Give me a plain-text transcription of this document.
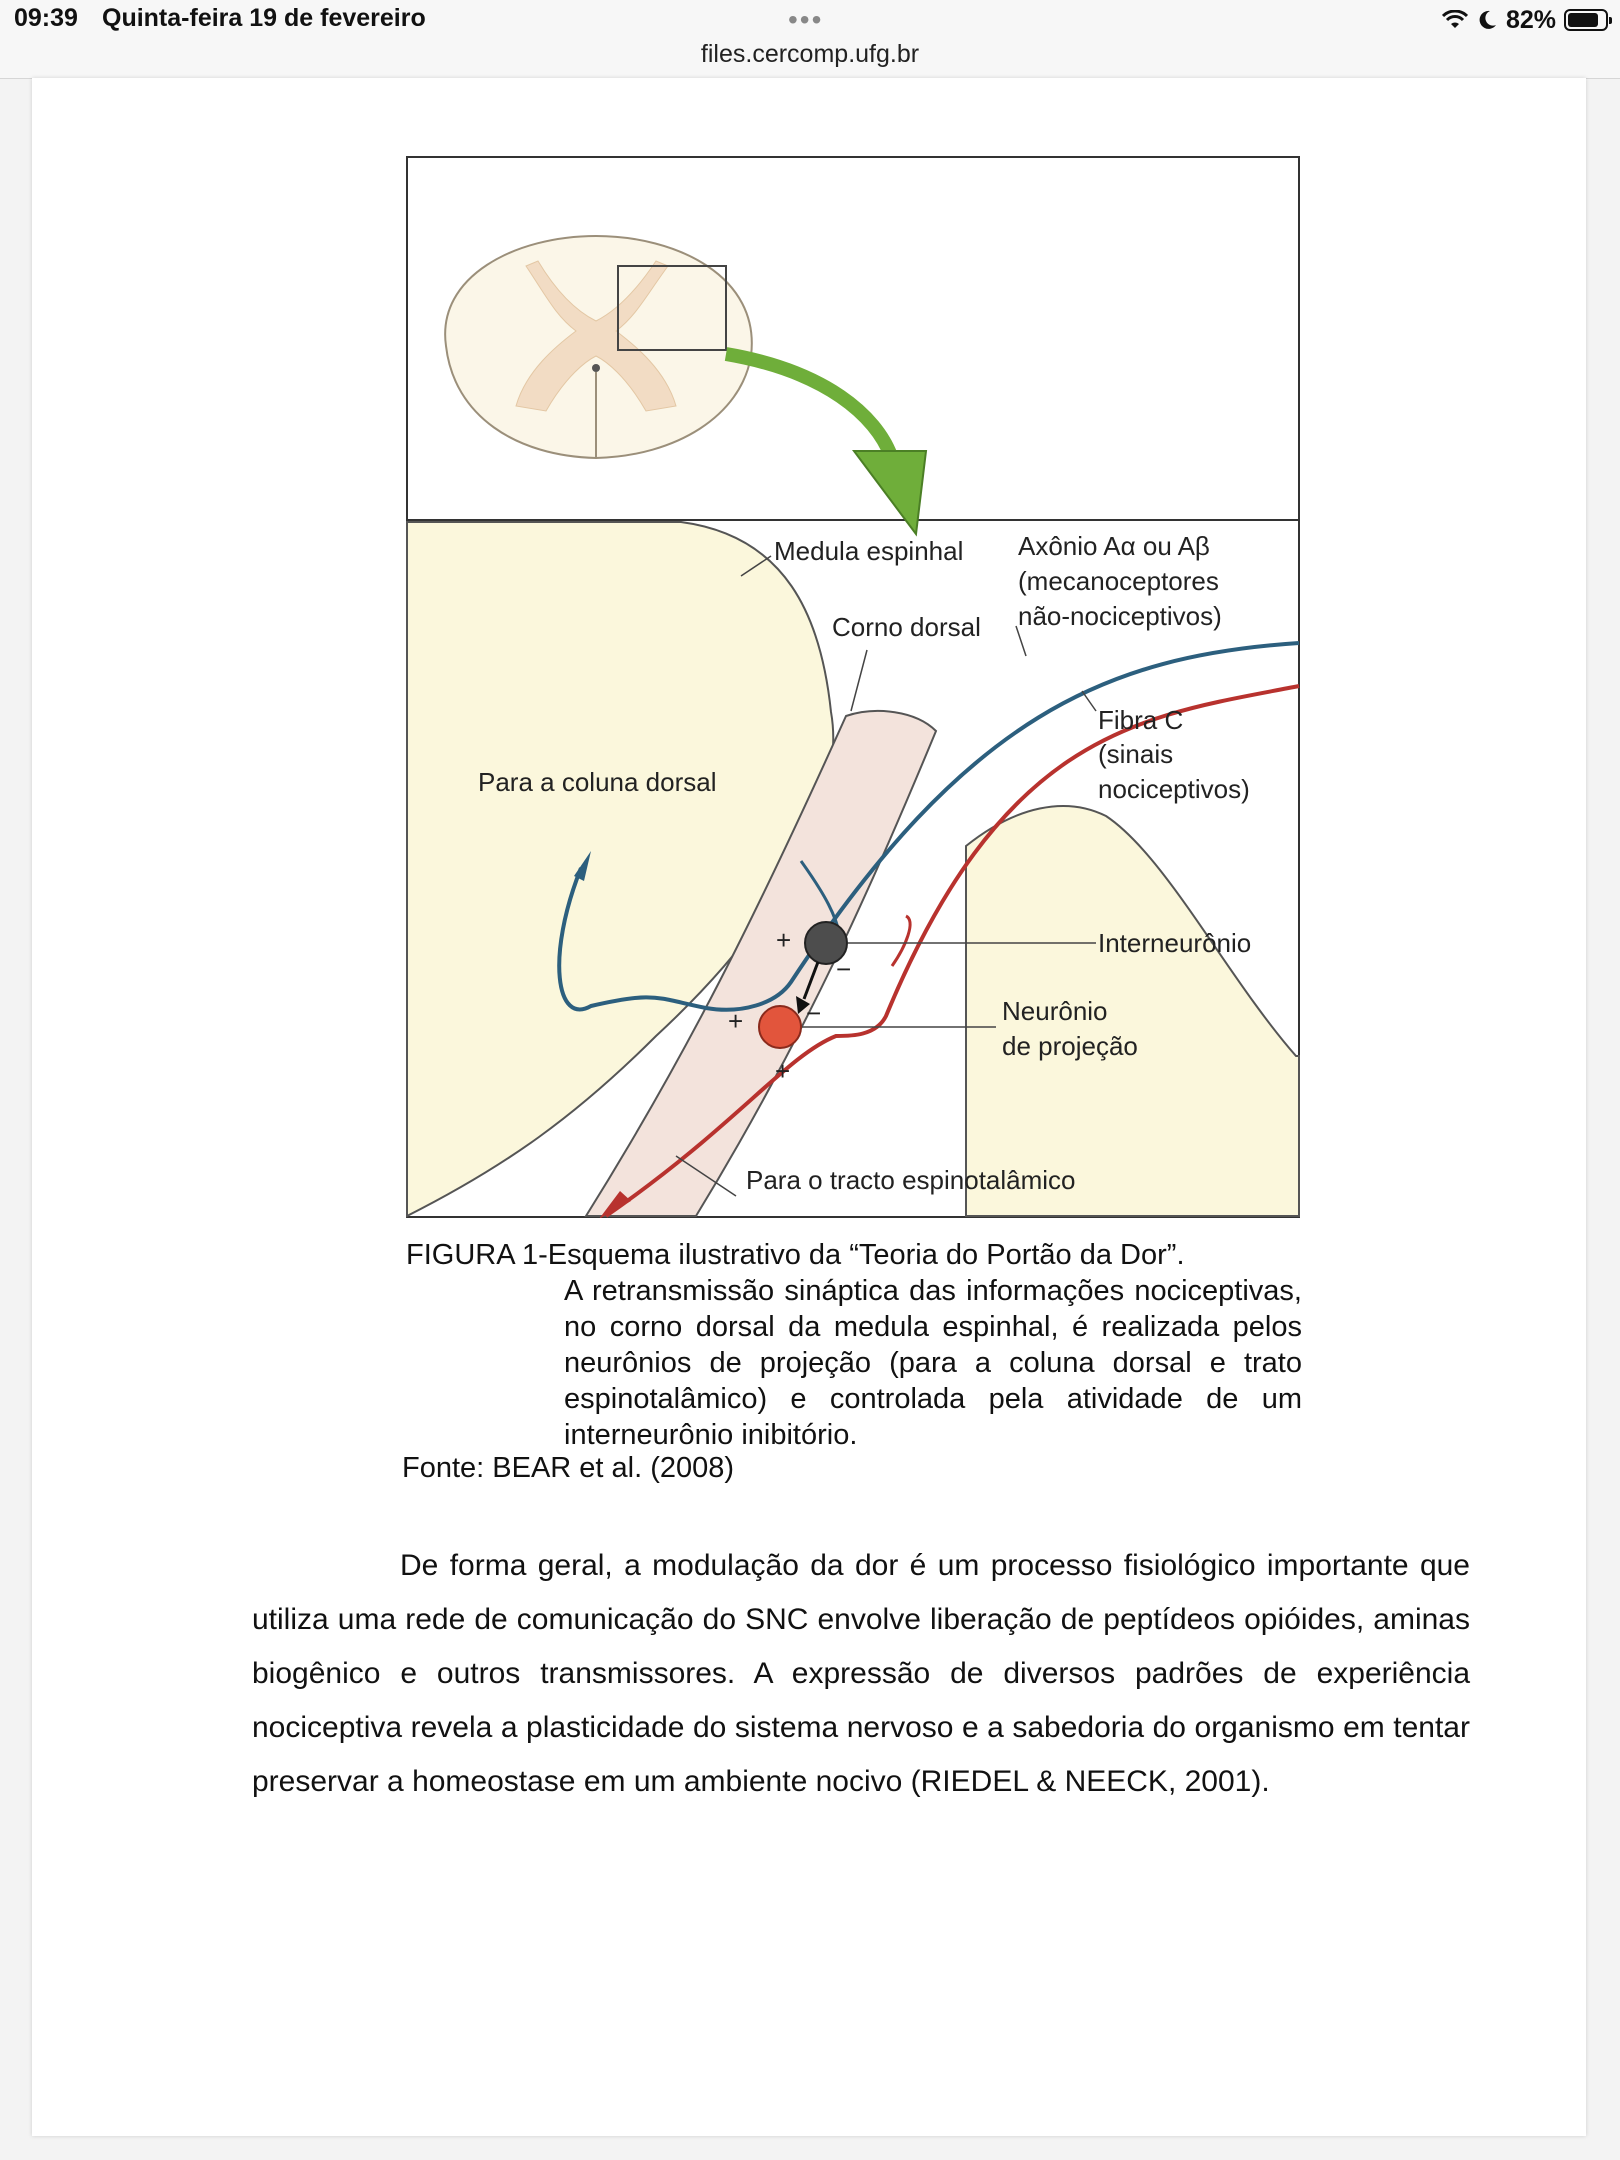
09:39 Quinta-feira 19 de fevereiro	•••
files.cercomp.ufg.br
82%
Medula espinhal Axônio Aα ou Aβ
(mecanoceptores
não-nociceptivos)
Corno dorsal
Fibra C
(sinais
nociceptivos)
Para a coluna dorsal
Interneurônio
Neurônio
de projeção
Para o tracto espinotalâmico
+
+
+
−
−
FIGURA 1-Esquema ilustrativo da “Teoria do Portão da Dor”.
A retransmissão sináptica das informações nociceptivas, no corno dorsal da medula espinhal, é realizada pelos neurônios de projeção (para a coluna dorsal e trato espinotalâmico) e controlada pela atividade de um interneurônio inibitório.
Fonte: BEAR et al. (2008)
De forma geral, a modulação da dor é um processo fisiológico importante que utiliza uma rede de comunicação do SNC envolve liberação de peptídeos opióides, aminas biogênico e outros transmissores. A expressão de diversos padrões de experiência nociceptiva revela a plasticidade do sistema nervoso e a sabedoria do organismo em tentar preservar a homeostase em um ambiente nocivo (RIEDEL & NEECK, 2001).
